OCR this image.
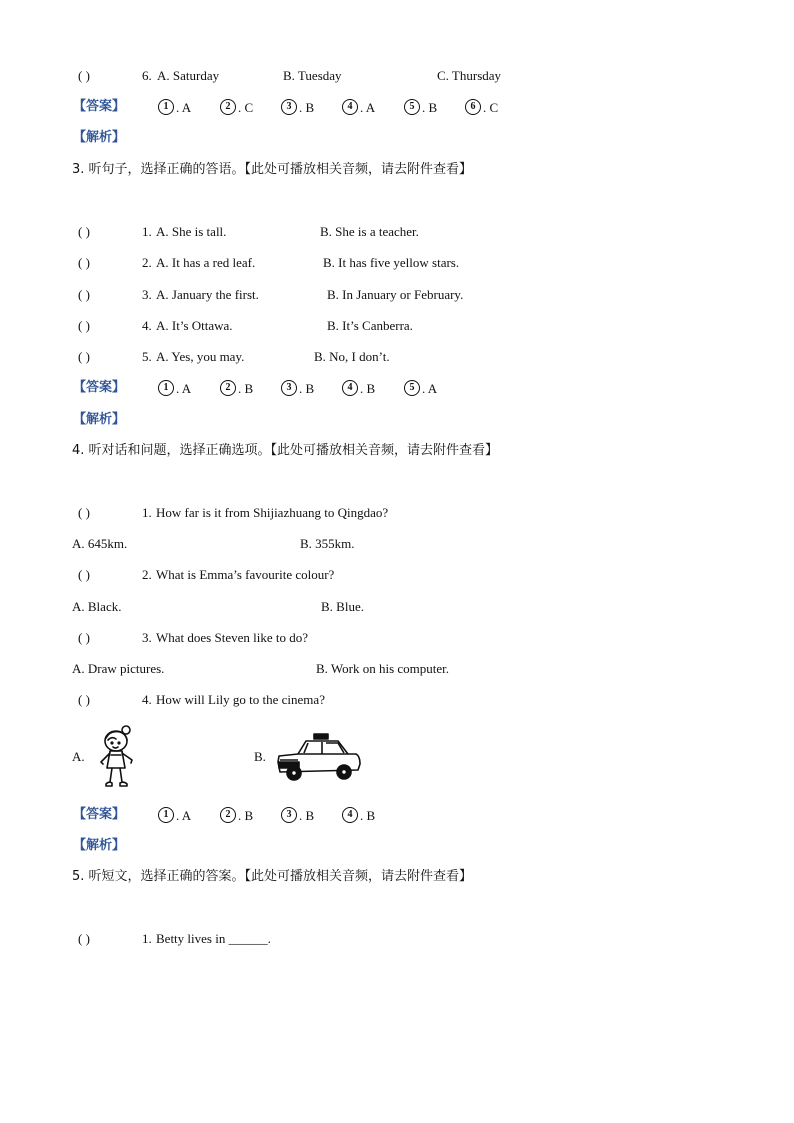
( )	6. A. Saturday	B. Tuesday	C. Thursday
【答案】	1 . A	2 . C	3 . B	4 . A	5 . B	6 . C
【解析】
3. 听句子，选择正确的答语。【此处可播放相关音频，请去附件查看】
( )	1. A. She is tall.	B. She is a teacher.
( )	2. A. It has a red leaf.	B. It has five yellow stars.
( )	3. A. January the first.	B. In January or February.
( )	4. A. It’s Ottawa.	B. It’s Canberra.
( )	5. A. Yes, you may.	B. No, I don’t.
【答案】	1 . A	2 . B	3 . B	4 . B	5 . A
【解析】
4. 听对话和问题，选择正确选项。【此处可播放相关音频，请去附件查看】
( )	1. How far is it from Shijiazhuang to Qingdao?
A. 645km.	B. 355km.
( )	2. What is Emma’s favourite colour?
A. Black.	B. Blue.
( )	3. What does Steven like to do?
A. Draw pictures.	B. Work on his computer.
( )	4. How will Lily go to the cinema?
A.	B.
【答案】	1 . A	2 . B	3 . B	4 . B
【解析】
5. 听短文，选择正确的答案。【此处可播放相关音频，请去附件查看】
( )	1. Betty lives in ______.
